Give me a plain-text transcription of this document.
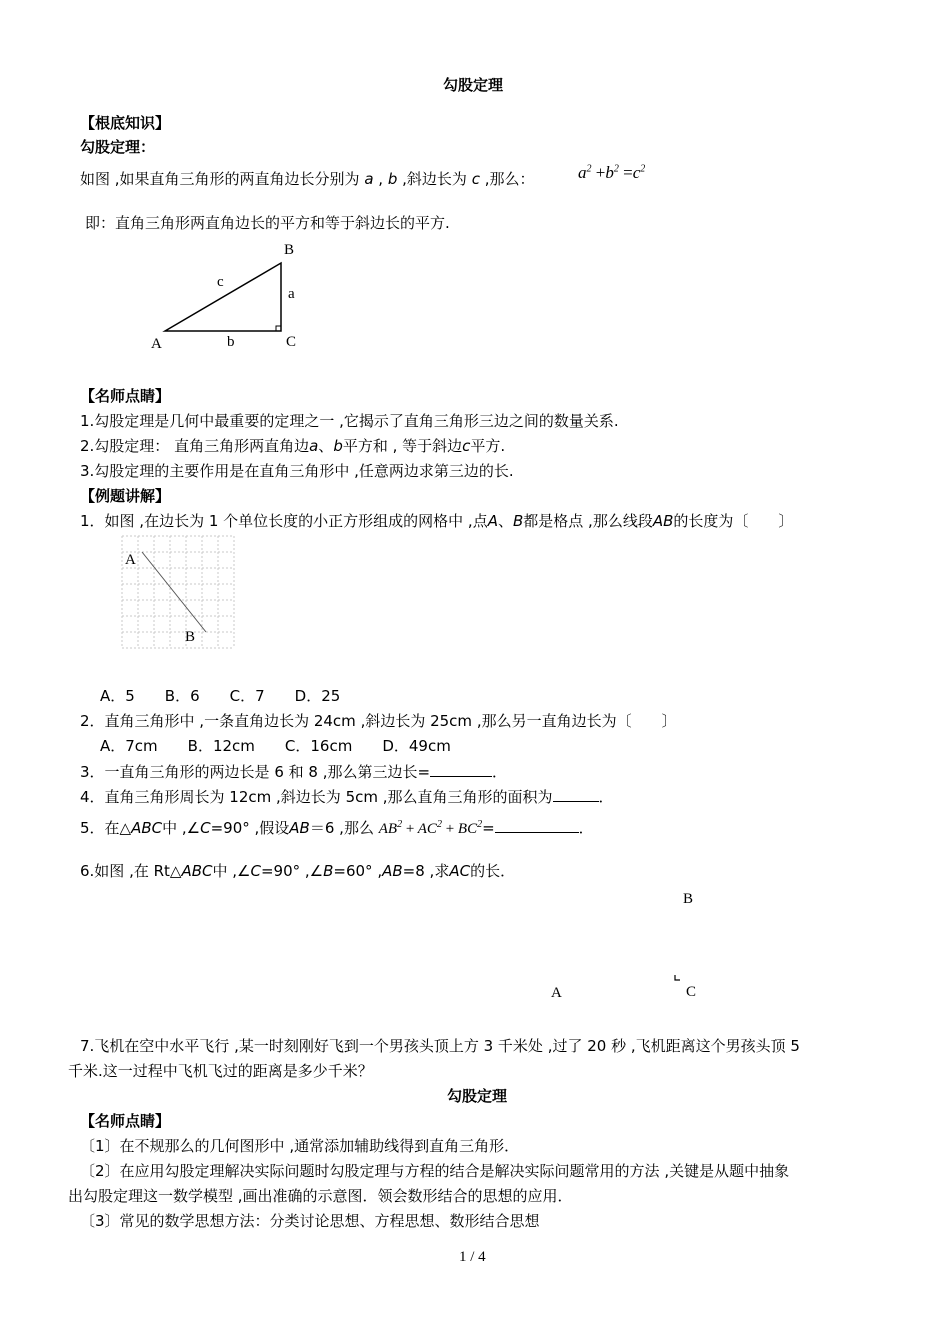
勾股定理
【根底知识】
勾股定理：
如图 ,如果直角三角形的两直角边长分别为 a , b ,斜边长为 c ,那么：	$a^2 +b^2 =c^2$
即：直角三角形两直角边长的平方和等于斜边长的平方.
B
A	C
a
b
c
【名师点睛】
1.勾股定理是几何中最重要的定理之一 ,它揭示了直角三角形三边之间的数量关系.
2.勾股定理： 直角三角形两直角边a、b平方和 , 等于斜边c平方.
3.勾股定理的主要作用是在直角三角形中 ,任意两边求第三边的长.
【例题讲解】
1．如图 ,在边长为 1 个单位长度的小正方形组成的网格中 ,点A、B都是格点 ,那么线段AB的长度为〔　　〕
A
B
A．5　　B．6　　C．7　　D．25
2．直角三角形中 ,一条直角边长为 24cm ,斜边长为 25cm ,那么另一直角边长为〔　　〕
A．7cm　　B．12cm　　C．16cm　　D．49cm
3．一直角三角形的两边长是 6 和 8 ,那么第三边长=	．
4．直角三角形周长为 12cm ,斜边长为 5cm ,那么直角三角形的面积为	．
5．在△ABC中 ,∠C=90° ,假设AB＝6 ,那么 $AB^2 + AC^2 + BC^2=$	．
6.如图 ,在 Rt△ABC中 ,∠C=90° ,∠B=60° ,AB=8 ,求AC的长．
B
A	C
7.飞机在空中水平飞行 ,某一时刻刚好飞到一个男孩头顶上方 3 千米处 ,过了 20 秒 ,飞机距离这个男孩头顶 5
千米.这一过程中飞机飞过的距离是多少千米？
勾股定理
【名师点睛】
〔1〕在不规那么的几何图形中 ,通常添加辅助线得到直角三角形．
〔2〕在应用勾股定理解决实际问题时勾股定理与方程的结合是解决实际问题常用的方法 ,关键是从题中抽象
出勾股定理这一数学模型 ,画出准确的示意图．领会数形结合的思想的应用．
〔3〕常见的数学思想方法：分类讨论思想、方程思想、数形结合思想
1 / 4
